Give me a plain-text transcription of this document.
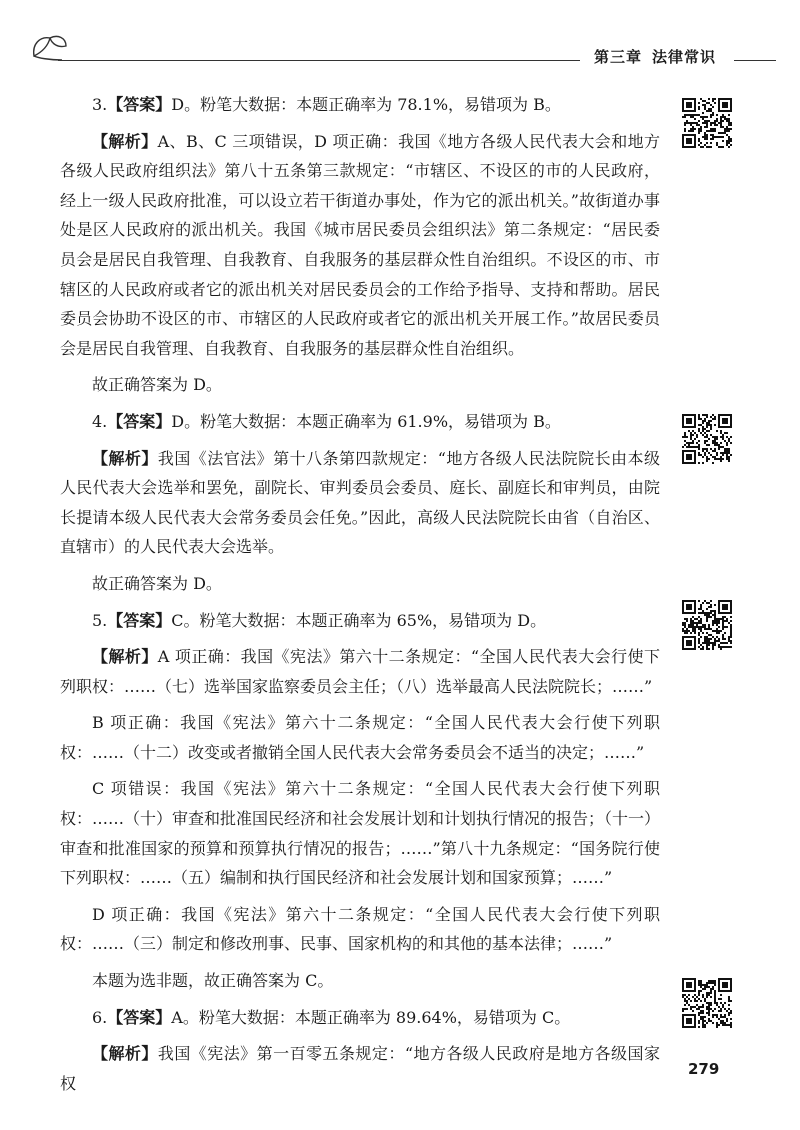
第三章 法律常识

3.【答案】D。粉笔大数据：本题正确率为 78.1%，易错项为 B。

【解析】A、B、C 三项错误，D 项正确：我国《地方各级人民代表大会和地方各级人民政府组织法》第八十五条第三款规定：“市辖区、不设区的市的人民政府，经上一级人民政府批准，可以设立若干街道办事处，作为它的派出机关。”故街道办事处是区人民政府的派出机关。我国《城市居民委员会组织法》第二条规定：“居民委员会是居民自我管理、自我教育、自我服务的基层群众性自治组织。不设区的市、市辖区的人民政府或者它的派出机关对居民委员会的工作给予指导、支持和帮助。居民委员会协助不设区的市、市辖区的人民政府或者它的派出机关开展工作。”故居民委员会是居民自我管理、自我教育、自我服务的基层群众性自治组织。

故正确答案为 D。

4.【答案】D。粉笔大数据：本题正确率为 61.9%，易错项为 B。

【解析】我国《法官法》第十八条第四款规定：“地方各级人民法院院长由本级人民代表大会选举和罢免，副院长、审判委员会委员、庭长、副庭长和审判员，由院长提请本级人民代表大会常务委员会任免。”因此，高级人民法院院长由省（自治区、直辖市）的人民代表大会选举。

故正确答案为 D。

5.【答案】C。粉笔大数据：本题正确率为 65%，易错项为 D。

【解析】A 项正确：我国《宪法》第六十二条规定：“全国人民代表大会行使下列职权：……（七）选举国家监察委员会主任；（八）选举最高人民法院院长；……”

B 项正确：我国《宪法》第六十二条规定：“全国人民代表大会行使下列职权：……（十二）改变或者撤销全国人民代表大会常务委员会不适当的决定；……”

C 项错误：我国《宪法》第六十二条规定：“全国人民代表大会行使下列职权：……（十）审查和批准国民经济和社会发展计划和计划执行情况的报告；（十一）审查和批准国家的预算和预算执行情况的报告；……”第八十九条规定：“国务院行使下列职权：……（五）编制和执行国民经济和社会发展计划和国家预算；……”

D 项正确：我国《宪法》第六十二条规定：“全国人民代表大会行使下列职权：……（三）制定和修改刑事、民事、国家机构的和其他的基本法律；……”

本题为选非题，故正确答案为 C。

6.【答案】A。粉笔大数据：本题正确率为 89.64%，易错项为 C。

【解析】我国《宪法》第一百零五条规定：“地方各级人民政府是地方各级国家权

279
